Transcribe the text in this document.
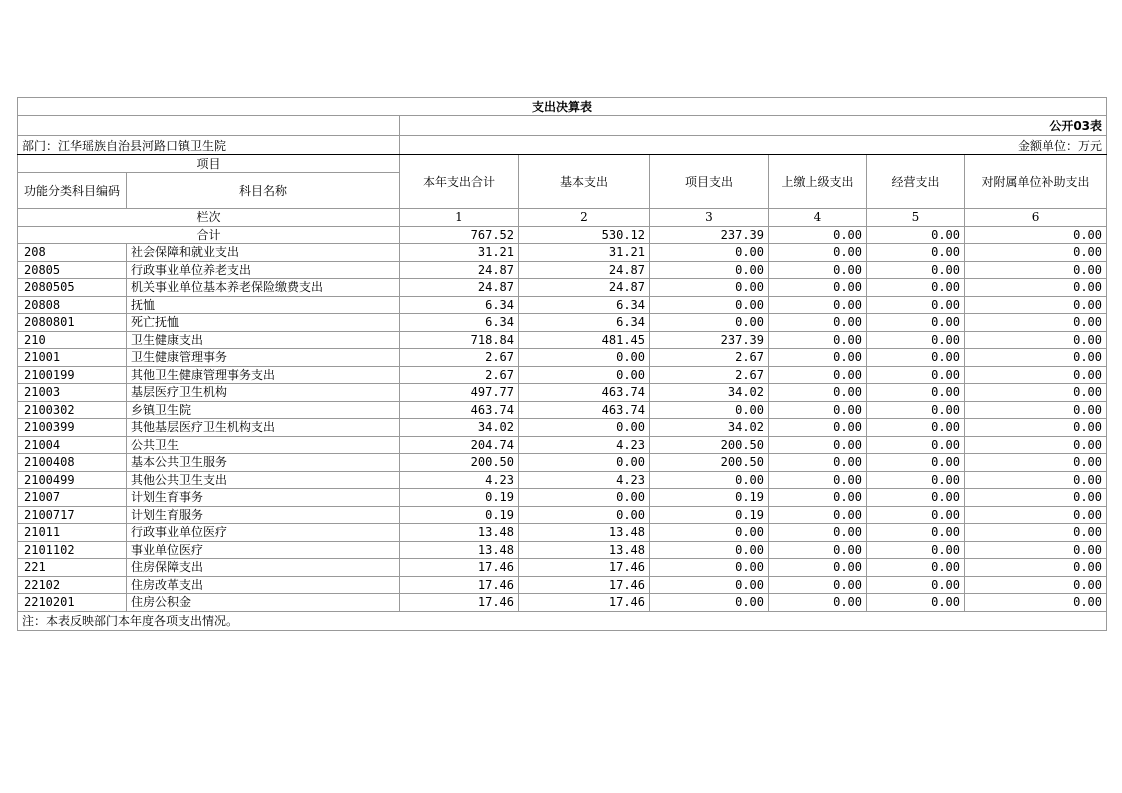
支出决算表							
		公开03表					
部门：江华瑶族自治县河路口镇卫生院		金额单位：万元					
项目		本年支出合计	基本支出	项目支出	上缴上级支出	经营支出	对附属单位补助支出
功能分类科目编码	科目名称						
栏次		1	2	3	4	5	6
合计		767.52	530.12	237.39	0.00	0.00	0.00
208	社会保障和就业支出	31.21	31.21	0.00	0.00	0.00	0.00
20805	行政事业单位养老支出	24.87	24.87	0.00	0.00	0.00	0.00
2080505	机关事业单位基本养老保险缴费支出	24.87	24.87	0.00	0.00	0.00	0.00
20808	抚恤	6.34	6.34	0.00	0.00	0.00	0.00
2080801	死亡抚恤	6.34	6.34	0.00	0.00	0.00	0.00
210	卫生健康支出	718.84	481.45	237.39	0.00	0.00	0.00
21001	卫生健康管理事务	2.67	0.00	2.67	0.00	0.00	0.00
2100199	其他卫生健康管理事务支出	2.67	0.00	2.67	0.00	0.00	0.00
21003	基层医疗卫生机构	497.77	463.74	34.02	0.00	0.00	0.00
2100302	乡镇卫生院	463.74	463.74	0.00	0.00	0.00	0.00
2100399	其他基层医疗卫生机构支出	34.02	0.00	34.02	0.00	0.00	0.00
21004	公共卫生	204.74	4.23	200.50	0.00	0.00	0.00
2100408	基本公共卫生服务	200.50	0.00	200.50	0.00	0.00	0.00
2100499	其他公共卫生支出	4.23	4.23	0.00	0.00	0.00	0.00
21007	计划生育事务	0.19	0.00	0.19	0.00	0.00	0.00
2100717	计划生育服务	0.19	0.00	0.19	0.00	0.00	0.00
21011	行政事业单位医疗	13.48	13.48	0.00	0.00	0.00	0.00
2101102	事业单位医疗	13.48	13.48	0.00	0.00	0.00	0.00
221	住房保障支出	17.46	17.46	0.00	0.00	0.00	0.00
22102	住房改革支出	17.46	17.46	0.00	0.00	0.00	0.00
2210201	住房公积金	17.46	17.46	0.00	0.00	0.00	0.00
注：本表反映部门本年度各项支出情况。							
